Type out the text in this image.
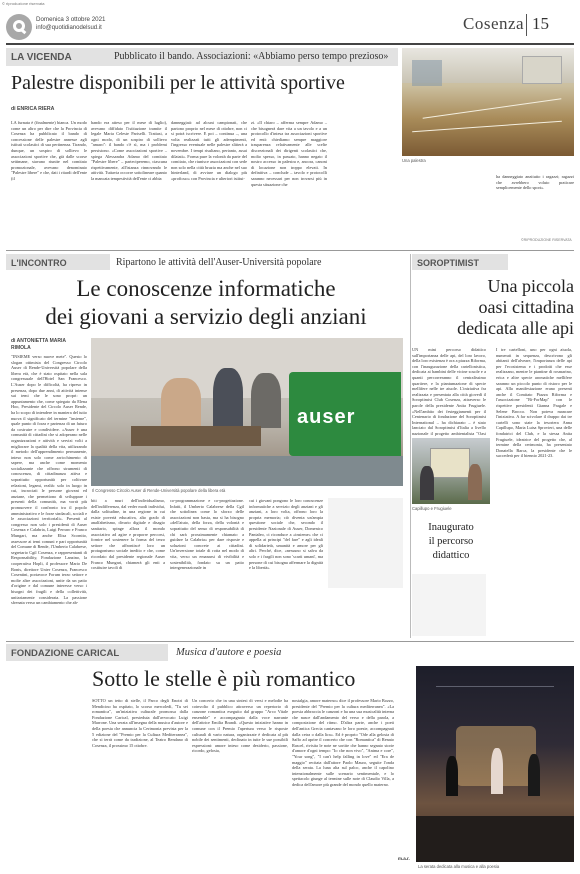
© riproduzione riservata
Domenica 3 ottobre 2021
info@quotidianodelsud.it	Cosenza 15
LA VICENDA	Pubblicato il bando. Associazioni: «Abbiamo perso tempo prezioso»
Palestre disponibili per le attività sportive
di ENRICA RIERA
LA furnata è (finalmente) bianca. Un modo come un altro per dire che la Provincia di Cosenza ha pubblicato il bando di concessione delle palestre annesse agli istituti scolastici di sua pertinenza. Tirando, dunque, un sospiro di sollievo le associazioni sportive che, già dalle scorse settimane, stavano riunite nel comitato promozionale, avevano denominato "Palestre libere" e che, dati i ritardi dell'ente (il
bando era atteso per il mese di luglio), avevano diffidato l'istituzione tramite il legale Maria Celeste Pariselli. Trattasi, a ogni modo, di un sospiro di sollievo "amaro": il bando c'è sì, ma i problemi persistono. «Come associazioni sportive – spiega Alessandra Adamo del comitato "Palestre libere" – parteciperemo, ciascuna rispettivamente, all'istanza rinnovando le attività. Tuttavia occorre sottolineare quanto la mancata tempestività dell'ente ci abbia
danneggiati: ad alcuni campionati, che partono proprio nel mese di ottobre, non ci si potrà iscrivere. E poi – continua –, una volta realizzati tutti gli adempimenti, l'ingresso eventuale nelle palestre slitterà a novembre. I tempi risultano, pertanto, assai dilatati». Forma pure la volontà da parte del comitato, che riunisce associazioni con sede non solo nella città bruzia ma anche nel suo hinterland, di avviare un dialogo più «proficuo» con Provincia e ulteriori istitui-
zi. «Il chiaro – afferma sempre Adamo – che bisognerà dare vita a un tavolo e a un protocollo d'intesa tra associazioni sportive ed enti: chiediamo sempre maggiore trasparenza relativamente alle scelte discrezionali dei dirigenti scolastici che, molto spesso, in passato, hanno negato il nostro accesso in palestra e, ancora, canoni di locazione non troppo elevati. In definitiva – conclude – tavolo e protocolli saranno necessari per non trovarsi più in questa situazione che
Una palestra
ha danneggiato anzitutto i ragazzi; ragazzi che avrebbero voluto praticare semplicemente dello sport».
©RIPRODUZIONE RISERVATA
L'INCONTRO	Ripartono le attività dell'Auser-Università popolare
Le conoscenze informatiche
dei giovani a servizio degli anziani
di ANTONIETTA MARIA
RIMOLA
"INSIEME verso nuove mete". Questo lo slogan ottimista del Congresso Circolo Auser di Rende-Università popolare della libera età, che è stato ospitato nella sala congressuale dell'Hotel San Francesco. L'Auser dopo le difficoltà, ha ripreso in presenza, dopo due anni, di attività intense sui temi che le sono propri: un appuntamento che, come spiegato da Elena Hoo, Presidente del Circolo Auser Rende, ha lo scopo di intendere in maniera del tutto nuova il significato del termine "insieme", quale punto di forza e partenza di un futuro da costruire e condividere. «Auser è una comunità di cittadini che si adoperano nelle organizzazioni e attività e servizi volti a migliorare la qualità della vita, utilizzando il metodo dell'apprendimento permanente, inteso non solo come arricchimento di sapere, ma anche come momento socializzante che offrono strumenti di conoscenza, di cittadinanza attiva e soprattutto opportunità per coltivare relazioni, legami, realtà: solo in luogo in cui, incrociati le persone giovani ed anziane, che permettono di sviluppare i presenti della comunità, ma vorrà più promuovere il confronto tra il popolo amministrativo e le forze sindacali, sociali e le associazioni territoriali». Presenti al congresso non solo i presidenti di Auser Cosenza e Calabria, Luigi Ferraro e Franco Mungari, ma anche Elisa Scornito, assessore ai temi comuni e pari opportunità del Comune di Rende, l'Umberto Calabrese, segretario Cgil Cosenza, e rappresentanti di Responsability, Fondazione Lanzino, la cooperativa Hopli, il professore Mario De Bonis, direttore Unier Cosenza, Francesco Cosentini, portavoce Forum terzo settore e molte altre associazioni, unite da un patto d'origine e dal comune interesse verso i bisogni dei fragili e della collettività, unitariamente considerata. La passione sfrenata verso un cambiamento che ab-
auser
Il Congresso Circolo Auser di Rende-Università popolare della libera età
biti a muri dell'individualismo, dell'indifferenza, dal veder modi individui, dalla solitudine, in una regione in cui esiste povertà educativa, alto grado di analfabetismo, divario digitale e disagio sanitario, spinge allora il mondo associativo ad agire e proporre percorsi, fornire nel sostenere la forma del terzo settore che affrontiscè loro un protagonismo sociale inedito e che, come ricordato dal presidente regionale Auser Franco Mungari, chiamerà gli enti a costituire tavoli di
co-programmazione e co-progettazione. Infatti, il Umberto Calabrese della Cgil che sottolinea come lo sforzo delle associazioni non basta, ma si ha bisogno «dell'aiuto, della forza, della volontà e soprattutto del senso di responsabilità di chi sarà prossimamente chiamato a guidare la Calabria» per dare risposte e soluzioni concrete ai cittadini. Un'inversione totale di rotta nel modo di vita, verso un emanarsi di vivibilità e sostenibilità, fondato su un patto intergenerazionale in
cui i giovani pongono le loro conoscenze informatiche a servizio degli anziani e gli anziani, a loro volta, offrono loro la propria memoria; ciò diventa un'ampia questione sociale che, secondo il presidente Nazionale di Auser, Domenico Pantaleo, ci riconduce a «insieme» che ci appella ai principi "del fare" e agli ideali di solidarietà, umanità e amore per gli altri. Perché, dice, «nessuno si salva da solo e i fragili non sono 'scarti umani', ma persone di cui bisogna affermare la dignità e la libertà».
SOROPTIMIST
Una piccola
oasi cittadina
dedicata alle api
UN mini percorso didattico sull'importanza delle api, del loro lavoro, della loro esistenza è ora a piazza Riforma, con l'inaugurazione della cartellonistica, dedicata ai bambini delle vicine scuole e a quanti percorreranno il centralissimo quartiere, e la piantumazione di specie mellifere nelle tre aiuole. L'iniziativa fra realizzata e presentata alla città giovedì il Soroptimist Club Cosenza, attraverso le parole della presidente Anita Frugiuele. «Nell'ambito dei festeggiamenti per il Centenario di fondazione del Soroptimist International – ha dichiarato – è stato lanciato dal Soroptimist d'Italia a livello nazionale il progetto ambientalista "Oasi
Capillupo e Frugiuele
Inaugurato
il percorso
didattico
I tre cartelloni, uno per ogni aiuola, numerati in sequenza, descrivono gli abitanti dell'alveare, l'importanza delle api per l'ecosistema e i prodotti che esse realizzano, mentre le piantine di rosmarino, erica e altre specie aromatiche mellifere saranno un piccolo punto di ristoro per le api. Alla manifestazione erano presenti anche il Comitato Piazza Riforma e l'associazione "Bi-ForMap" con le rispettive presidenti Gianna Fragale e Selene Brocco. Non poteva mancare l'iniziativa. A far scivolare il drappo dai tre cartelli sono state la tesoriera Anna Capillupo, Maria Luisa Sprovieri, una delle fondatrici del Club, e la stessa Anita Frugiuele, ideatrice del progetto che, al termine della cerimonia, ha presentato Donatella Barca, la presidente che le succederà per il biennio 2021-23.
FONDAZIONE CARICAL	Musica d'autore e poesia
Sotto le stelle è più romantico
SOTTO un tetto di stelle, il Parco degli Enotri di Mendicino ha ospitato, lo scorso mercoledì, "Tu sei romantica", un'iniziativa culturale promossa dalla Fondazione Carical, presieduta dall'avvocato Luigi Marrone. Una serata all'insegna della musica d'autore e della poesia che annuncia la Cerimonia prevista per la 5 edizione del "Premio per la Cultura Mediterranea", che si terrà come da tradizione, al Teatro Rendano di Cosenza, il prossimo 15 ottobre.
Un concerto che in una sintesi di versi e melodie ha coinvolto il pubblico attraverso un repertorio di canzone romantica eseguito dal gruppo "Arco Vitale ensemble" e accompagnato dalla voce narrante dell'attrice Emilia Brandi. «Questo iniziative hanno in comune con il Premio l'apertura verso le risposte culturali di vario natura, organizzate è dedicata al più nobile dei sentimenti, declinato in tutte le sue possibili espressioni: amore inteso come desiderio, passione, ricordo, gelosia,
nostalgia, amore materno» dice il professore Mario Bozzo, presidente del "Premio per la cultura mediterranea". «La poesia abbraccia le canzoni e ha una sua musicalità interna che nasce dall'andamento del verso e della parola, a composizione del ritmo. D'altra parte, anche i poeti dell'antica Grecia cantavano le loro poesie, accompagnati dalla cetra o dalla lira». Ed è proprio "Ode alla gelosia di Saffo ad aprire il concerto che con "Romantica" di Renato Rascel, rivisita le note ne sortite che hanno segnato storie d'amore d'ogni tempo: "Io che non vivo", "Anima e core", "Your song", "I can't help falling in love" ed "Era de maggio" recitata dall'attore Paolo Mauro, seguite l'onda della serata. La luna alta sul palco, anche il capolino intenzionalmente sulle scenario sentimentale, e lo spettacolo giunge al termine sulle note di Claudio Villa, a dedica dell'amore più grande del mondo quello materno.
m.a.r.
La serata dedicata alla musica e alla poesia
